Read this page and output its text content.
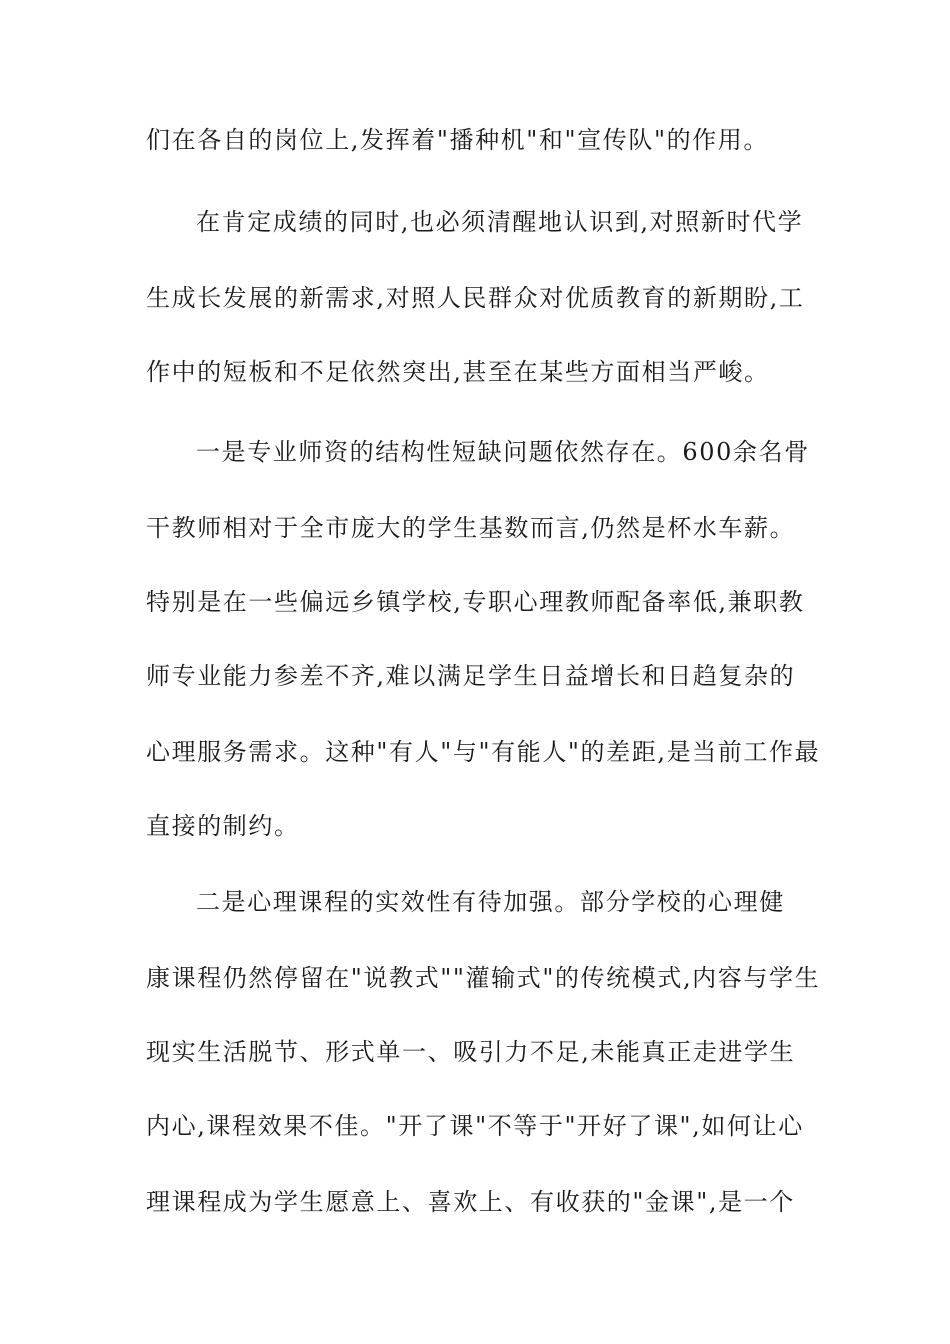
们在各自的岗位上,发挥着"播种机"和"宣传队"的作用。
在肯定成绩的同时,也必须清醒地认识到,对照新时代学
生成长发展的新需求,对照人民群众对优质教育的新期盼,工
作中的短板和不足依然突出,甚至在某些方面相当严峻。
一是专业师资的结构性短缺问题依然存在。600余名骨
干教师相对于全市庞大的学生基数而言,仍然是杯水车薪。
特别是在一些偏远乡镇学校,专职心理教师配备率低,兼职教
师专业能力参差不齐,难以满足学生日益增长和日趋复杂的
心理服务需求。这种"有人"与"有能人"的差距,是当前工作最
直接的制约。
二是心理课程的实效性有待加强。部分学校的心理健
康课程仍然停留在"说教式""灌输式"的传统模式,内容与学生
现实生活脱节、形式单一、吸引力不足,未能真正走进学生
内心,课程效果不佳。"开了课"不等于"开好了课",如何让心
理课程成为学生愿意上、喜欢上、有收获的"金课",是一个
